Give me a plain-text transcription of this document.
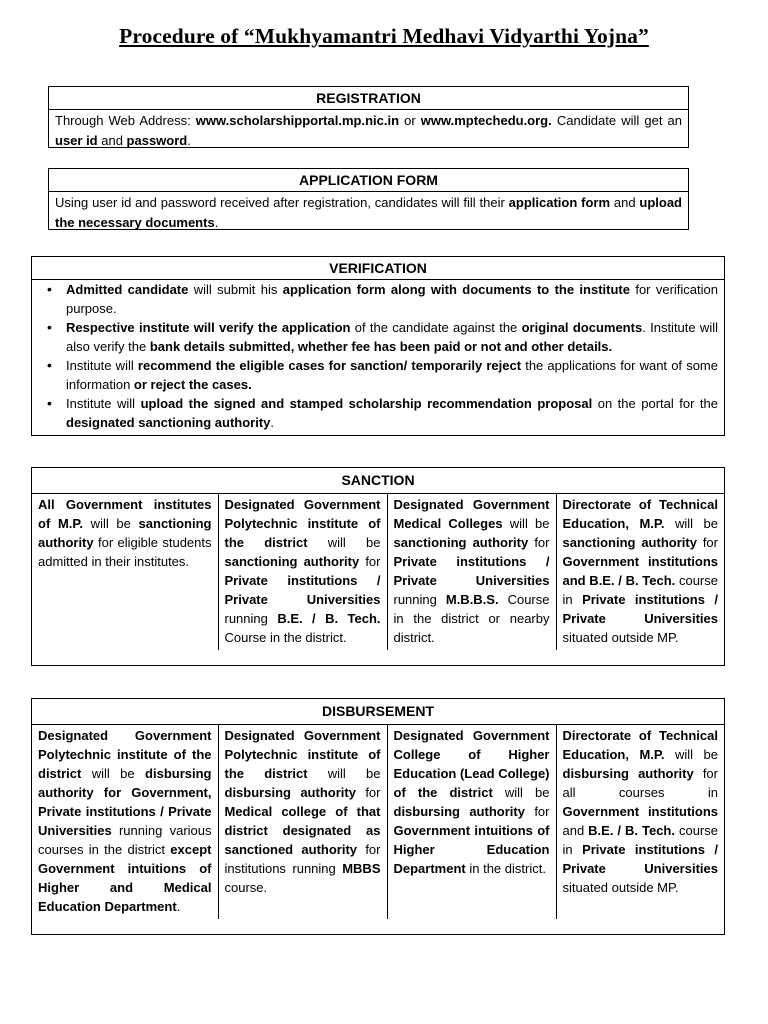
Procedure of “Mukhyamantri Medhavi Vidyarthi Yojna”
REGISTRATION
Through Web Address: www.scholarshipportal.mp.nic.in or www.mptechedu.org. Candidate will get an user id and password.
APPLICATION FORM
Using user id and password received after registration, candidates will fill their application form and upload the necessary documents.
VERIFICATION
• Admitted candidate will submit his application form along with documents to the institute for verification purpose.
• Respective institute will verify the application of the candidate against the original documents. Institute will also verify the bank details submitted, whether fee has been paid or not and other details.
• Institute will recommend the eligible cases for sanction/ temporarily reject the applications for want of some information or reject the cases.
• Institute will upload the signed and stamped scholarship recommendation proposal on the portal for the designated sanctioning authority.
SANCTION
All Government institutes of M.P. will be sanctioning authority for eligible students admitted in their institutes.	Designated Government Polytechnic institute of the district will be sanctioning authority for Private institutions / Private Universities running B.E. / B. Tech. Course in the district.	Designated Government Medical Colleges will be sanctioning authority for Private institutions / Private Universities running M.B.B.S. Course in the district or nearby district.	Directorate of Technical Education, M.P. will be sanctioning authority for Government institutions and B.E. / B. Tech. course in Private institutions / Private Universities situated outside MP.
DISBURSEMENT
Designated Government Polytechnic institute of the district will be disbursing authority for Government, Private institutions / Private Universities running various courses in the district except Government intuitions of Higher and Medical Education Department.	Designated Government Polytechnic institute of the district will be disbursing authority for Medical college of that district designated as sanctioned authority for institutions running MBBS course.	Designated Government College of Higher Education (Lead College) of the district will be disbursing authority for Government intuitions of Higher Education Department in the district.	Directorate of Technical Education, M.P. will be disbursing authority for all courses in Government institutions and B.E. / B. Tech. course in Private institutions / Private Universities situated outside MP.
